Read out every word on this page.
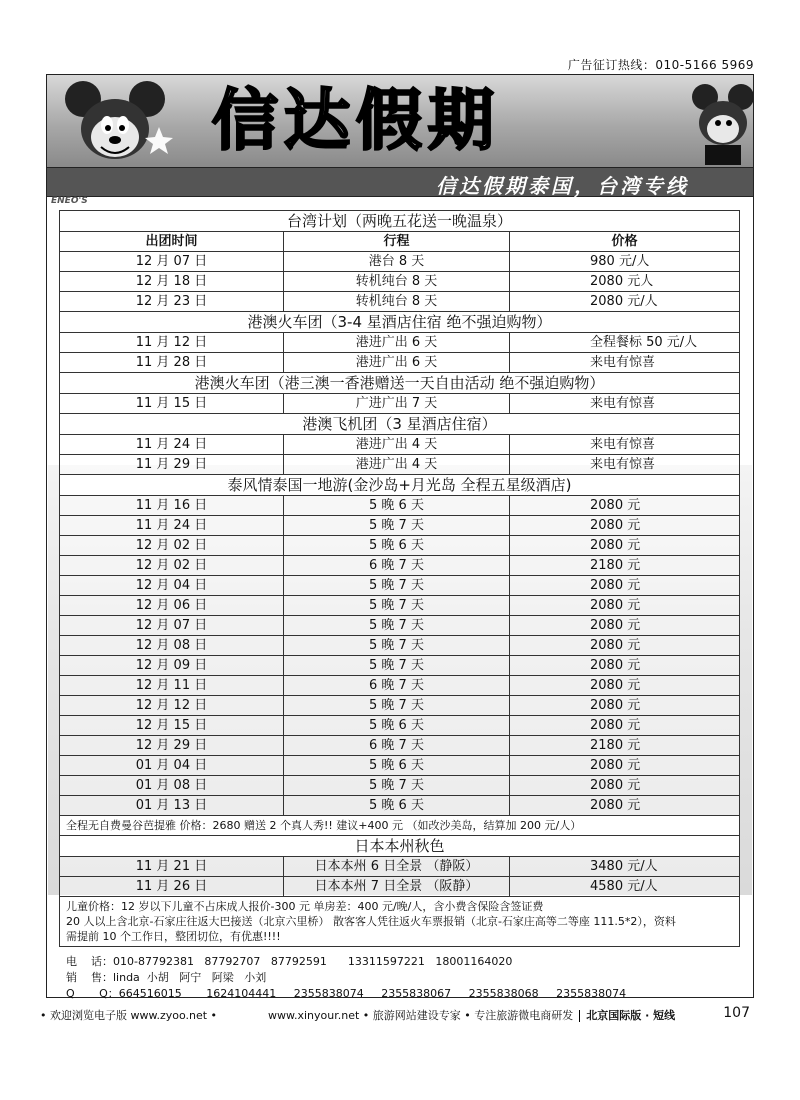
广告征订热线：010-5166 5969
信达假期
信达假期泰国，台湾专线
ENEO'S
台湾计划（两晚五花送一晚温泉）		
出团时间	行程	价格
12 月 07 日	港台 8 天	980 元/人
12 月 18 日	转机纯台 8 天	2080 元人
12 月 23 日	转机纯台 8 天	2080 元/人
港澳火车团（3-4 星酒店住宿 绝不强迫购物）		
11 月 12 日	港进广出 6 天	全程餐标 50 元/人
11 月 28 日	港进广出 6 天	来电有惊喜
港澳火车团（港三澳一香港赠送一天自由活动 绝不强迫购物）		
11 月 15 日	广进广出 7 天	来电有惊喜
港澳飞机团（3 星酒店住宿）		
11 月 24 日	港进广出 4 天	来电有惊喜
11 月 29 日	港进广出 4 天	来电有惊喜
泰风情泰国一地游(金沙岛+月光岛 全程五星级酒店)		
11 月 16 日	5 晚 6 天	2080 元
11 月 24 日	5 晚 7 天	2080 元
12 月 02 日	5 晚 6 天	2080 元
12 月 02 日	6 晚 7 天	2180 元
12 月 04 日	5 晚 7 天	2080 元
12 月 06 日	5 晚 7 天	2080 元
12 月 07 日	5 晚 7 天	2080 元
12 月 08 日	5 晚 7 天	2080 元
12 月 09 日	5 晚 7 天	2080 元
12 月 11 日	6 晚 7 天	2080 元
12 月 12 日	5 晚 7 天	2080 元
12 月 15 日	5 晚 6 天	2080 元
12 月 29 日	6 晚 7 天	2180 元
01 月 04 日	5 晚 6 天	2080 元
01 月 08 日	5 晚 7 天	2080 元
01 月 13 日	5 晚 6 天	2080 元
全程无自费曼谷芭提雅 价格：2680 赠送 2 个真人秀!! 建议+400 元 （如改沙美岛，结算加 200 元/人）		
日本本州秋色		
11 月 21 日	日本本州 6 日全景 （静阪）	3480 元/人
11 月 26 日	日本本州 7 日全景 （阪静）	4580 元/人

儿童价格：12 岁以下儿童不占床成人报价-300 元 单房差：400 元/晚/人，含小费含保险含签证费
20 人以上含北京-石家庄往返大巴接送（北京六里桥） 散客客人凭往返火车票报销（北京-石家庄高等二等座 111.5*2），资料
需提前 10 个工作日，整团切位，有优惠!!!!		
电    话：010-87792381   87792707   87792591      13311597221   18001164020
销    售：linda  小胡   阿宁   阿梁   小刘
Q       Q：664516015       1624104441     2355838074     2355838067     2355838068     2355838074
• 欢迎浏览电子版 www.zyoo.net •	www.xinyour.net • 旅游网站建设专家 • 专注旅游微电商研发 北京国际版 · 短线	107
